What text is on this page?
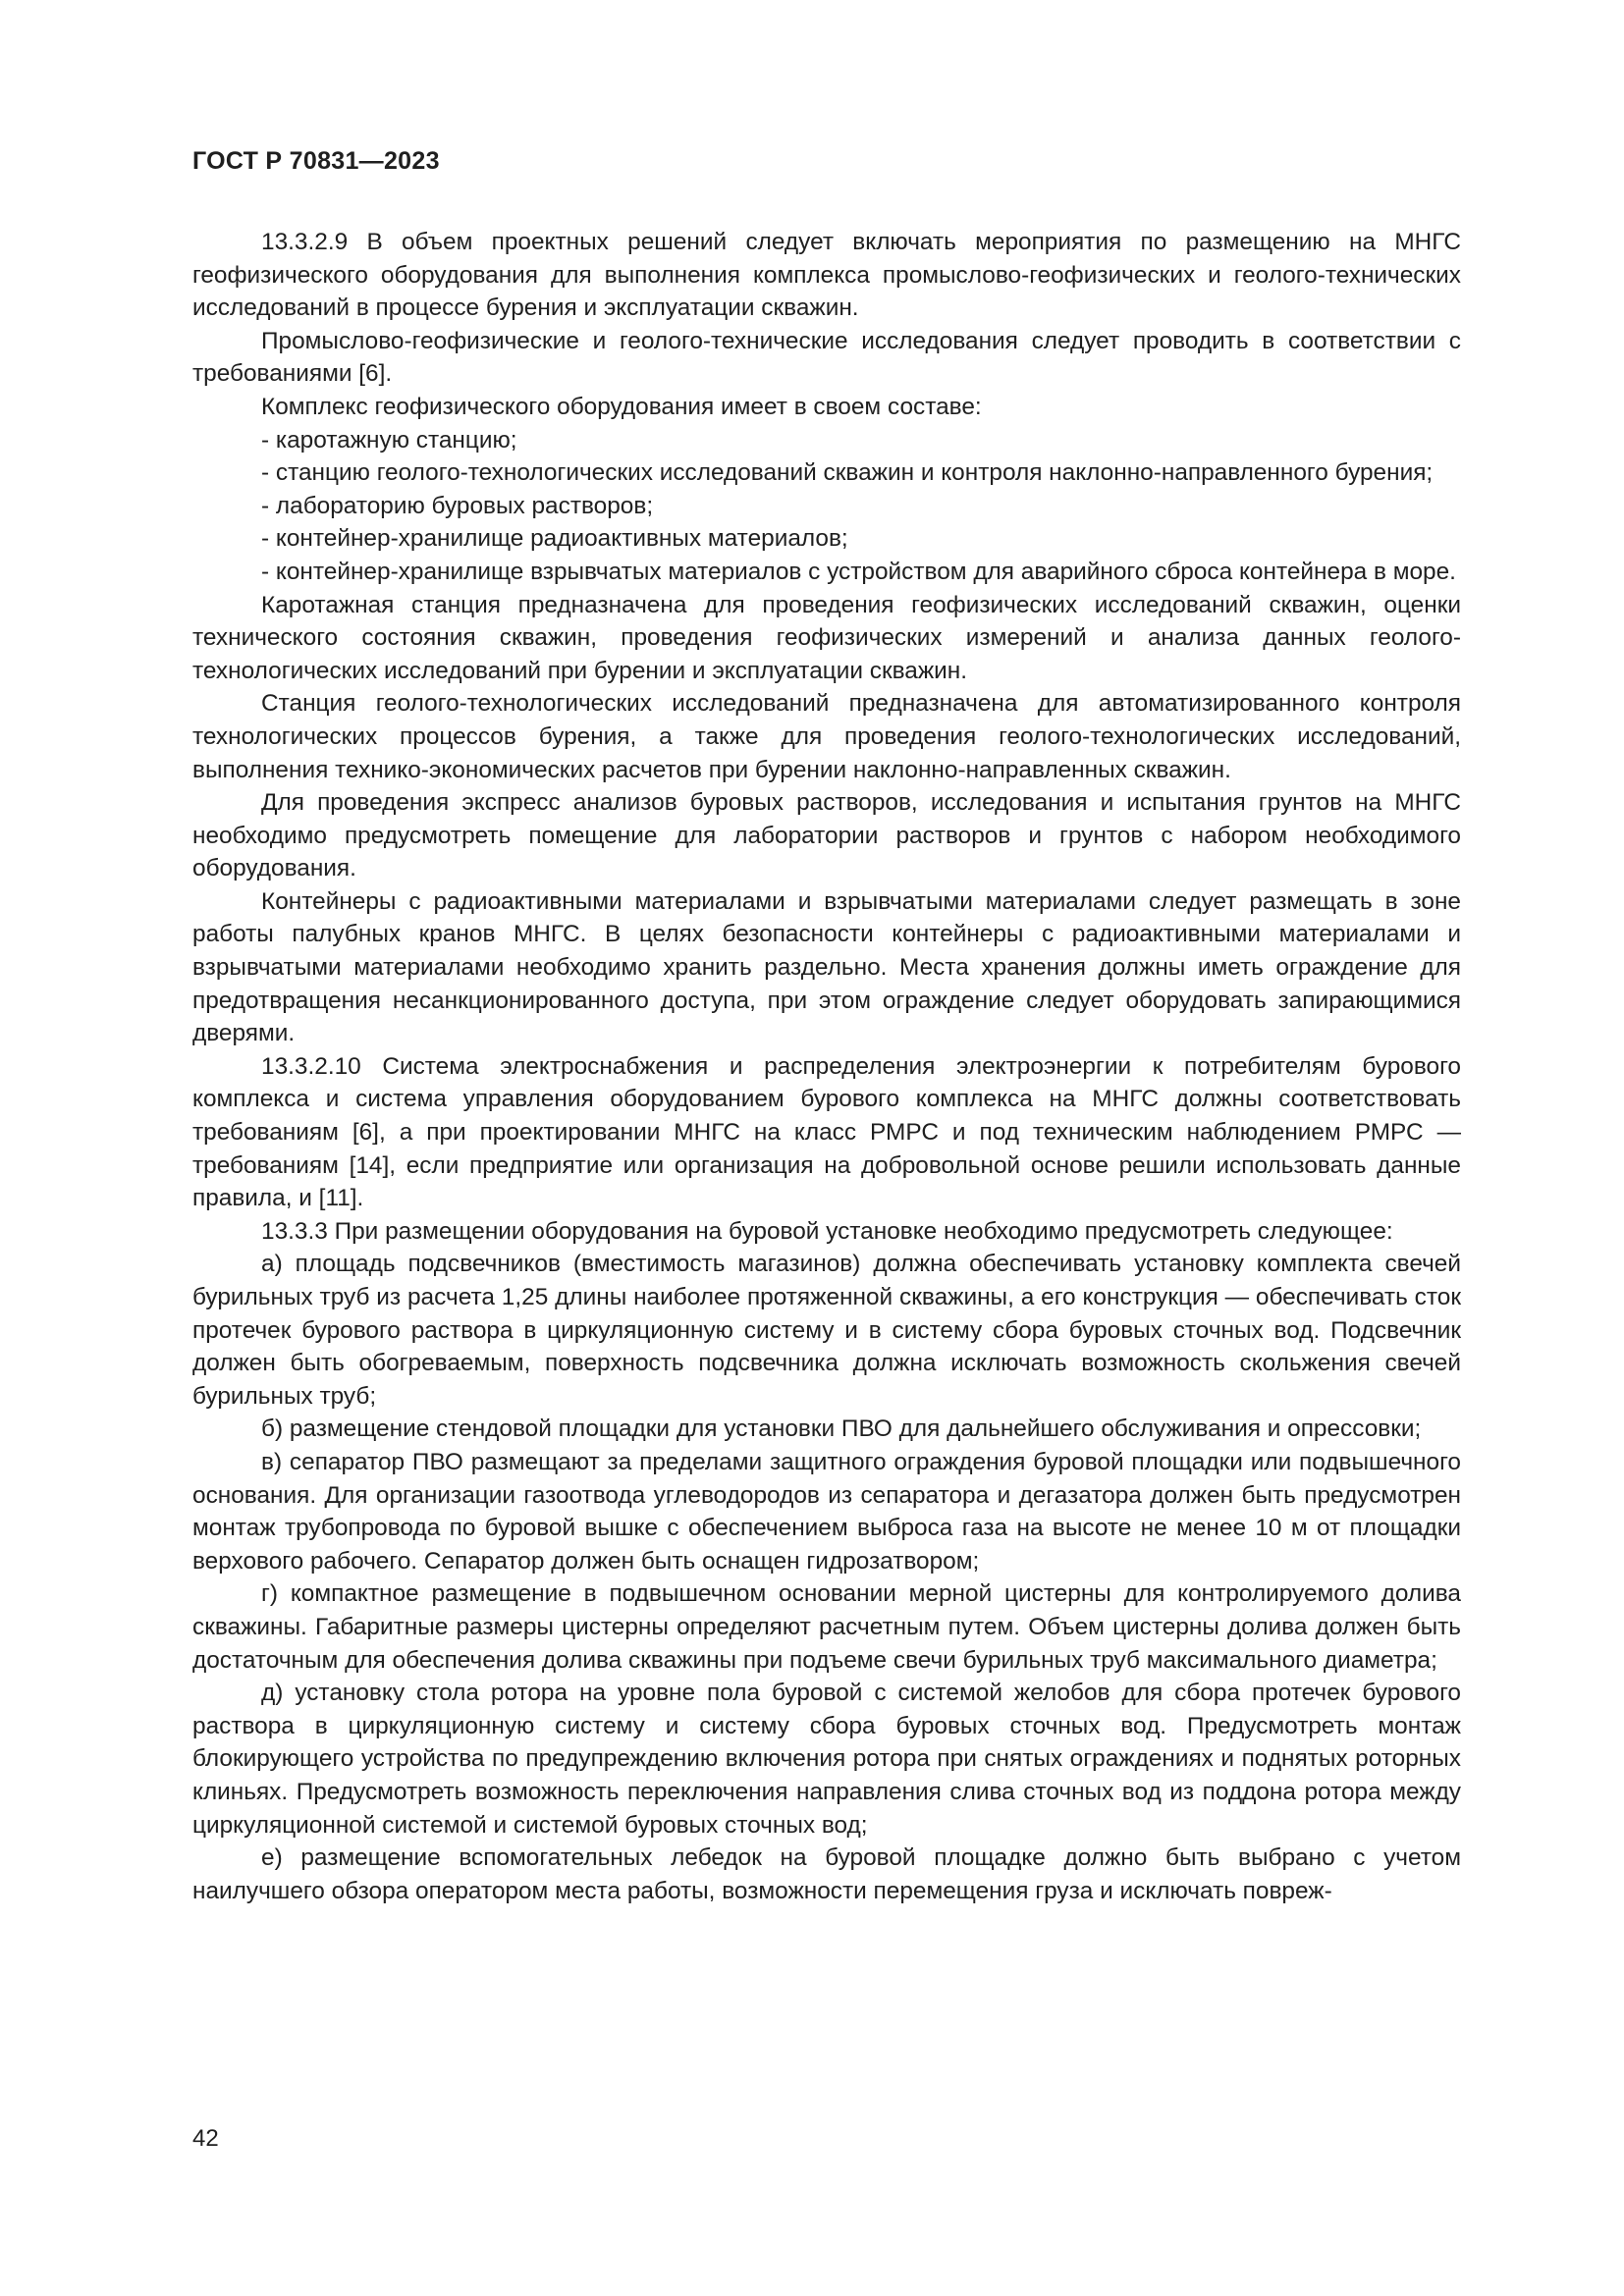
ГОСТ Р 70831—2023

13.3.2.9 В объем проектных решений следует включать мероприятия по размещению на МНГС геофизического оборудования для выполнения комплекса промыслово-геофизических и геолого-технических исследований в процессе бурения и эксплуатации скважин.

Промыслово-геофизические и геолого-технические исследования следует проводить в соответствии с требованиями [6].

Комплекс геофизического оборудования имеет в своем составе:

- каротажную станцию;

- станцию геолого-технологических исследований скважин и контроля наклонно-направленного бурения;

- лабораторию буровых растворов;

- контейнер-хранилище радиоактивных материалов;

- контейнер-хранилище взрывчатых материалов с устройством для аварийного сброса контейнера в море.

Каротажная станция предназначена для проведения геофизических исследований скважин, оценки технического состояния скважин, проведения геофизических измерений и анализа данных геолого-технологических исследований при бурении и эксплуатации скважин.

Станция геолого-технологических исследований предназначена для автоматизированного контроля технологических процессов бурения, а также для проведения геолого-технологических исследований, выполнения технико-экономических расчетов при бурении наклонно-направленных скважин.

Для проведения экспресс анализов буровых растворов, исследования и испытания грунтов на МНГС необходимо предусмотреть помещение для лаборатории растворов и грунтов с набором необходимого оборудования.

Контейнеры с радиоактивными материалами и взрывчатыми материалами следует размещать в зоне работы палубных кранов МНГС. В целях безопасности контейнеры с радиоактивными материалами и взрывчатыми материалами необходимо хранить раздельно. Места хранения должны иметь ограждение для предотвращения несанкционированного доступа, при этом ограждение следует оборудовать запирающимися дверями.

13.3.2.10 Система электроснабжения и распределения электроэнергии к потребителям бурового комплекса и система управления оборудованием бурового комплекса на МНГС должны соответствовать требованиям [6], а при проектировании МНГС на класс РМРС и под техническим наблюдением РМРС — требованиям [14], если предприятие или организация на добровольной основе решили использовать данные правила, и [11].

13.3.3 При размещении оборудования на буровой установке необходимо предусмотреть следующее:

а) площадь подсвечников (вместимость магазинов) должна обеспечивать установку комплекта свечей бурильных труб из расчета 1,25 длины наиболее протяженной скважины, а его конструкция — обеспечивать сток протечек бурового раствора в циркуляционную систему и в систему сбора буровых сточных вод. Подсвечник должен быть обогреваемым, поверхность подсвечника должна исключать возможность скольжения свечей бурильных труб;

б) размещение стендовой площадки для установки ПВО для дальнейшего обслуживания и опрессовки;

в) сепаратор ПВО размещают за пределами защитного ограждения буровой площадки или подвышечного основания. Для организации газоотвода углеводородов из сепаратора и дегазатора должен быть предусмотрен монтаж трубопровода по буровой вышке с обеспечением выброса газа на высоте не менее 10 м от площадки верхового рабочего. Сепаратор должен быть оснащен гидрозатвором;

г) компактное размещение в подвышечном основании мерной цистерны для контролируемого долива скважины. Габаритные размеры цистерны определяют расчетным путем. Объем цистерны долива должен быть достаточным для обеспечения долива скважины при подъеме свечи бурильных труб максимального диаметра;

д) установку стола ротора на уровне пола буровой с системой желобов для сбора протечек бурового раствора в циркуляционную систему и систему сбора буровых сточных вод. Предусмотреть монтаж блокирующего устройства по предупреждению включения ротора при снятых ограждениях и поднятых роторных клиньях. Предусмотреть возможность переключения направления слива сточных вод из поддона ротора между циркуляционной системой и системой буровых сточных вод;

е) размещение вспомогательных лебедок на буровой площадке должно быть выбрано с учетом наилучшего обзора оператором места работы, возможности перемещения груза и исключать повреж-

42
